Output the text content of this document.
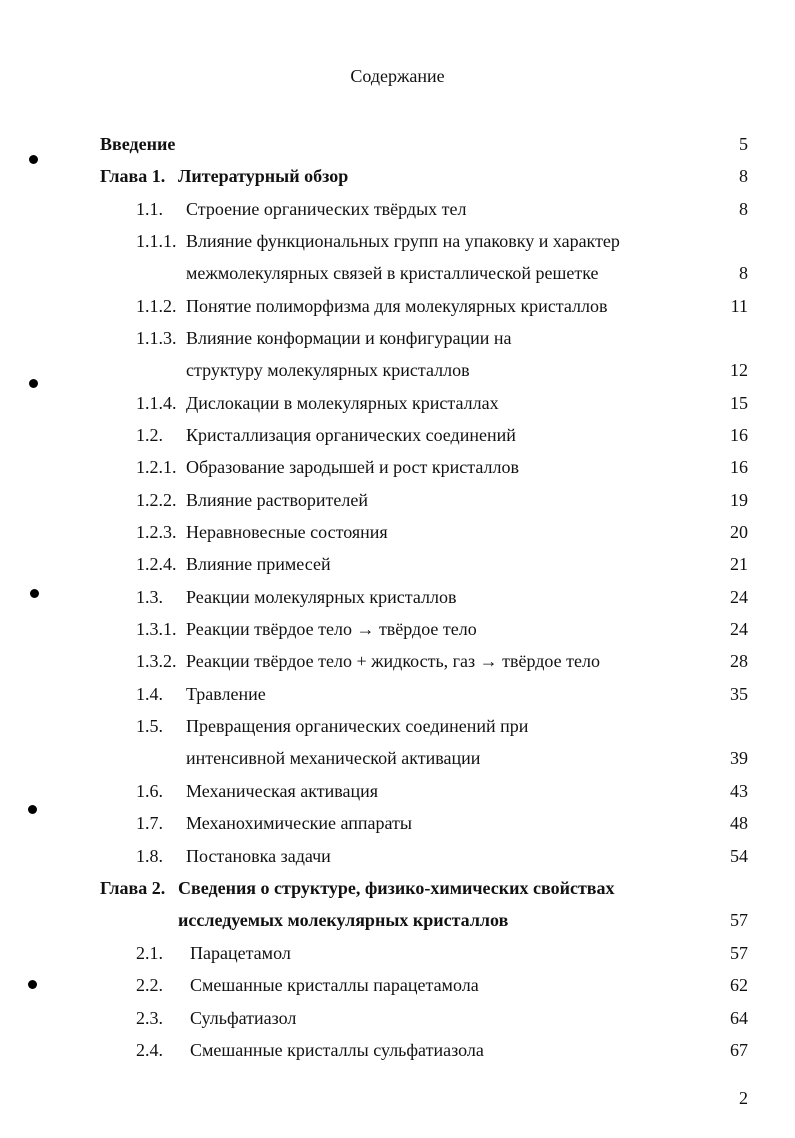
Содержание
Введение	5
Глава 1. Литературный обзор	8
1.1. Строение органических твёрдых тел	8
1.1.1. Влияние функциональных групп на упаковку и характер
межмолекулярных связей в кристаллической решетке	8
1.1.2. Понятие полиморфизма для молекулярных кристаллов	11
1.1.3. Влияние конформации и конфигурации на
структуру молекулярных кристаллов	12
1.1.4. Дислокации в молекулярных кристаллах	15
1.2. Кристаллизация органических соединений	16
1.2.1. Образование зародышей и рост кристаллов	16
1.2.2. Влияние растворителей	19
1.2.3. Неравновесные состояния	20
1.2.4. Влияние примесей	21
1.3. Реакции молекулярных кристаллов	24
1.3.1. Реакции твёрдое тело → твёрдое тело	24
1.3.2. Реакции твёрдое тело + жидкость, газ → твёрдое тело	28
1.4. Травление	35
1.5. Превращения органических соединений при
интенсивной механической активации	39
1.6. Механическая активация	43
1.7. Механохимические аппараты	48
1.8. Постановка задачи	54
Глава 2. Сведения о структуре, физико-химических свойствах
исследуемых молекулярных кристаллов	57
2.1. Парацетамол	57
2.2. Смешанные кристаллы парацетамола	62
2.3. Сульфатиазол	64
2.4. Смешанные кристаллы сульфатиазола	67
2
